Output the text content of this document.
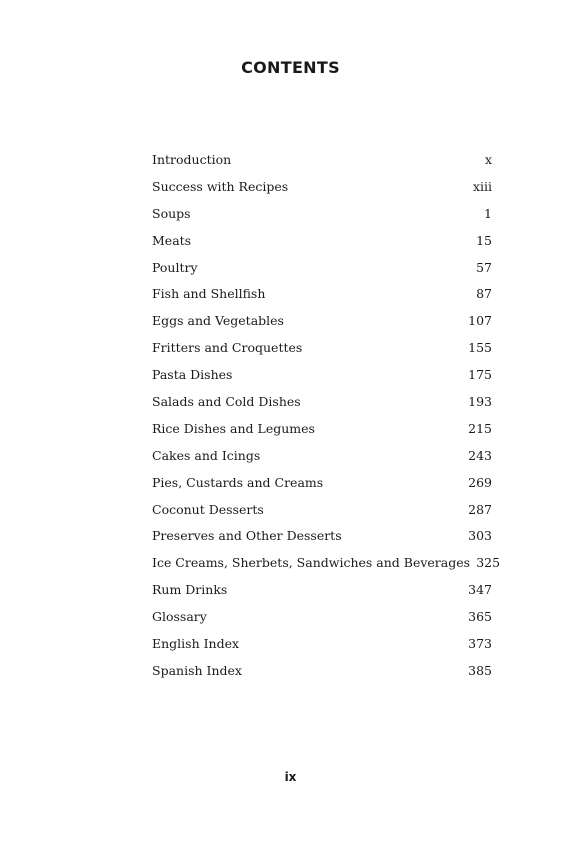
CONTENTS
Introduction	x
Success with Recipes	xiii
Soups	1
Meats	15
Poultry	57
Fish and Shellfish	87
Eggs and Vegetables	107
Fritters and Croquettes	155
Pasta Dishes	175
Salads and Cold Dishes	193
Rice Dishes and Legumes	215
Cakes and Icings	243
Pies, Custards and Creams	269
Coconut Desserts	287
Preserves and Other Desserts	303
Ice Creams, Sherbets, Sandwiches and Beverages 325
Rum Drinks	347
Glossary	365
English Index	373
Spanish Index	385
ix
